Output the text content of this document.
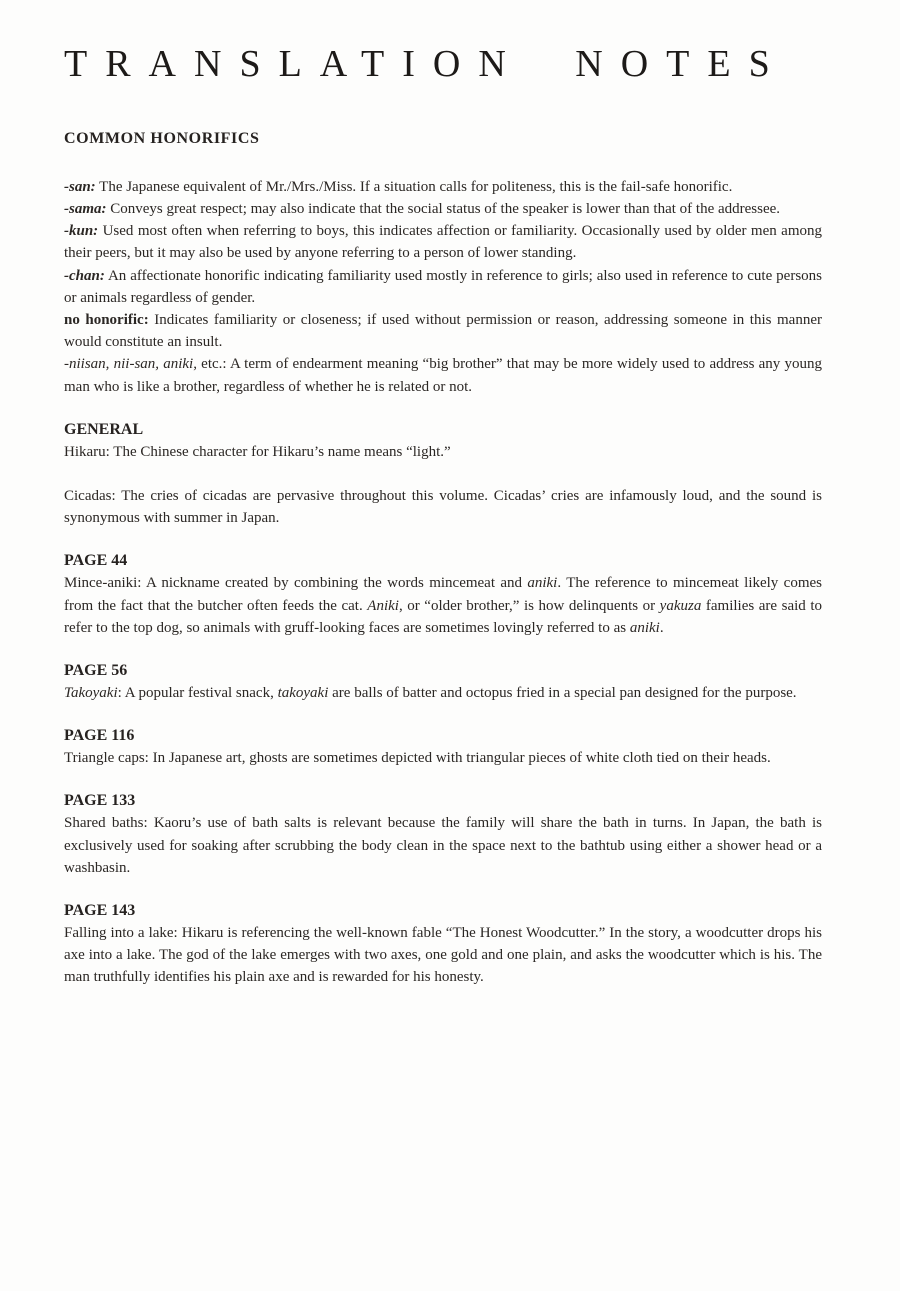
TRANSLATION NOTES
COMMON HONORIFICS

-san: The Japanese equivalent of Mr./Mrs./Miss. If a situation calls for politeness, this is the fail-safe honorific.

-sama: Conveys great respect; may also indicate that the social status of the speaker is lower than that of the addressee.

-kun: Used most often when referring to boys, this indicates affection or familiarity. Occasionally used by older men among their peers, but it may also be used by anyone referring to a person of lower standing.

-chan: An affectionate honorific indicating familiarity used mostly in reference to girls; also used in reference to cute persons or animals regardless of gender.

no honorific: Indicates familiarity or closeness; if used without permission or reason, addressing someone in this manner would constitute an insult.

-niisan, nii-san, aniki, etc.: A term of endearment meaning “big brother” that may be more widely used to address any young man who is like a brother, regardless of whether he is related or not.

GENERAL

Hikaru: The Chinese character for Hikaru’s name means “light.”

Cicadas: The cries of cicadas are pervasive throughout this volume. Cicadas’ cries are infamously loud, and the sound is synonymous with summer in Japan.

PAGE 44

Mince-aniki: A nickname created by combining the words mincemeat and aniki. The reference to mincemeat likely comes from the fact that the butcher often feeds the cat. Aniki, or “older brother,” is how delinquents or yakuza families are said to refer to the top dog, so animals with gruff-looking faces are sometimes lovingly referred to as aniki.

PAGE 56

Takoyaki: A popular festival snack, takoyaki are balls of batter and octopus fried in a special pan designed for the purpose.

PAGE 116

Triangle caps: In Japanese art, ghosts are sometimes depicted with triangular pieces of white cloth tied on their heads.

PAGE 133

Shared baths: Kaoru’s use of bath salts is relevant because the family will share the bath in turns. In Japan, the bath is exclusively used for soaking after scrubbing the body clean in the space next to the bathtub using either a shower head or a washbasin.

PAGE 143

Falling into a lake: Hikaru is referencing the well-known fable “The Honest Woodcutter.” In the story, a woodcutter drops his axe into a lake. The god of the lake emerges with two axes, one gold and one plain, and asks the woodcutter which is his. The man truthfully identifies his plain axe and is rewarded for his honesty.
